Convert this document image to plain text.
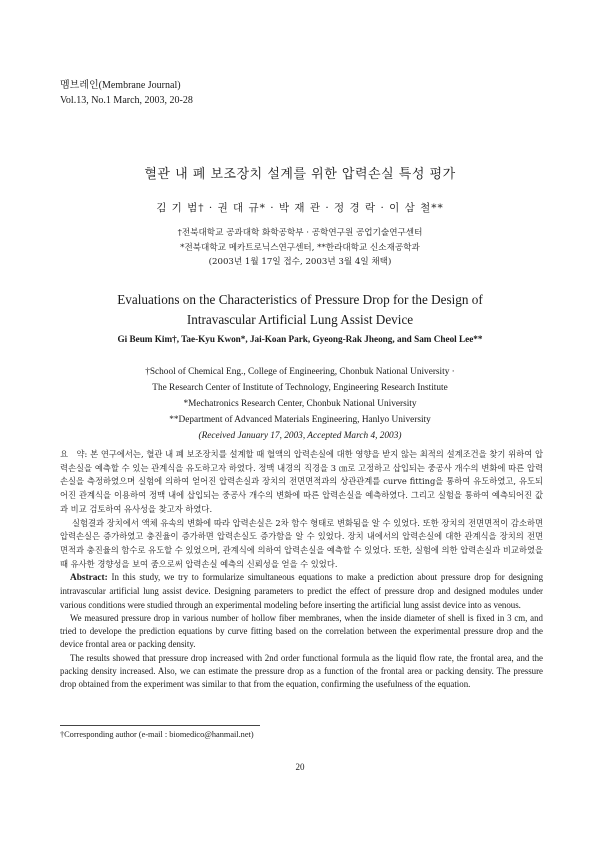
멤브레인(Membrane Journal)
Vol.13, No.1 March, 2003, 20-28
혈관 내 폐 보조장치 설계를 위한 압력손실 특성 평가
김 기 범† · 권 대 규* · 박 재 관 · 정 경 락 · 이 삼 철**
†전북대학교 공과대학 화학공학부 · 공학연구원 공업기술연구센터
*전북대학교 메카트로닉스연구센터, **한라대학교 신소재공학과
(2003년 1월 17일 접수, 2003년 3월 4일 채택)
Evaluations on the Characteristics of Pressure Drop for the Design of
Intravascular Artificial Lung Assist Device
Gi Beum Kim†, Tae-Kyu Kwon*, Jai-Koan Park, Gyeong-Rak Jheong, and Sam Cheol Lee**
†School of Chemical Eng., College of Engineering, Chonbuk National University ·
The Research Center of Institute of Technology, Engineering Research Institute
*Mechatronics Research Center, Chonbuk National University
**Department of Advanced Materials Engineering, Hanlyo University
(Received January 17, 2003, Accepted March 4, 2003)

요　약: 본 연구에서는, 혈관 내 폐 보조장치를 설계할 때 혈액의 압력손실에 대한 영향을 받지 않는 최적의 설계조건을 찾기 위하여 압력손실을 예측할 수 있는 관계식을 유도하고자 하였다. 정맥 내경의 직경을 3 ㎝로 고정하고 삽입되는 중공사 개수의 변화에 따른 압력손실을 측정하였으며 실험에 의하여 얻어진 압력손실과 장치의 전면면적과의 상관관계를 curve fitting을 통하여 유도하였고, 유도되어진 관계식을 이용하여 정맥 내에 삽입되는 중공사 개수의 변화에 따른 압력손실을 예측하였다. 그리고 실험을 통하여 예측되어진 값과 비교 검토하여 유사성을 찾고자 하였다.

실험결과 장치에서 액체 유속의 변화에 따라 압력손실은 2차 함수 형태로 변화됨을 알 수 있었다. 또한 장치의 전면면적이 감소하면 압력손실은 증가하였고 충진율이 증가하면 압력손실도 증가함을 알 수 있었다. 장치 내에서의 압력손실에 대한 관계식을 장치의 전면면적과 충진율의 함수로 유도할 수 있었으며, 관계식에 의하여 압력손실을 예측할 수 있었다. 또한, 실험에 의한 압력손실과 비교하였을 때 유사한 경향성을 보여 줌으로써 압력손실 예측의 신뢰성을 얻을 수 있었다.

Abstract: In this study, we try to formularize simultaneous equations to make a prediction about pressure drop for designing intravascular artificial lung assist device. Designing parameters to predict the effect of pressure drop and designed modules under various conditions were studied through an experimental modeling before inserting the artificial lung assist device into as venous.

We measured pressure drop in various number of hollow fiber membranes, when the inside diameter of shell is fixed in 3 cm, and tried to develope the prediction equations by curve fitting based on the correlation between the experimental pressure drop and the device frontal area or packing density.

The results showed that pressure drop increased with 2nd order functional formula as the liquid flow rate, the frontal area, and the packing density increased. Also, we can estimate the pressure drop as a function of the frontal area or packing density. The pressure drop obtained from the experiment was similar to that from the equation, confirming the usefulness of the equation.

†Corresponding author (e-mail : biomedico@hanmail.net)
20
